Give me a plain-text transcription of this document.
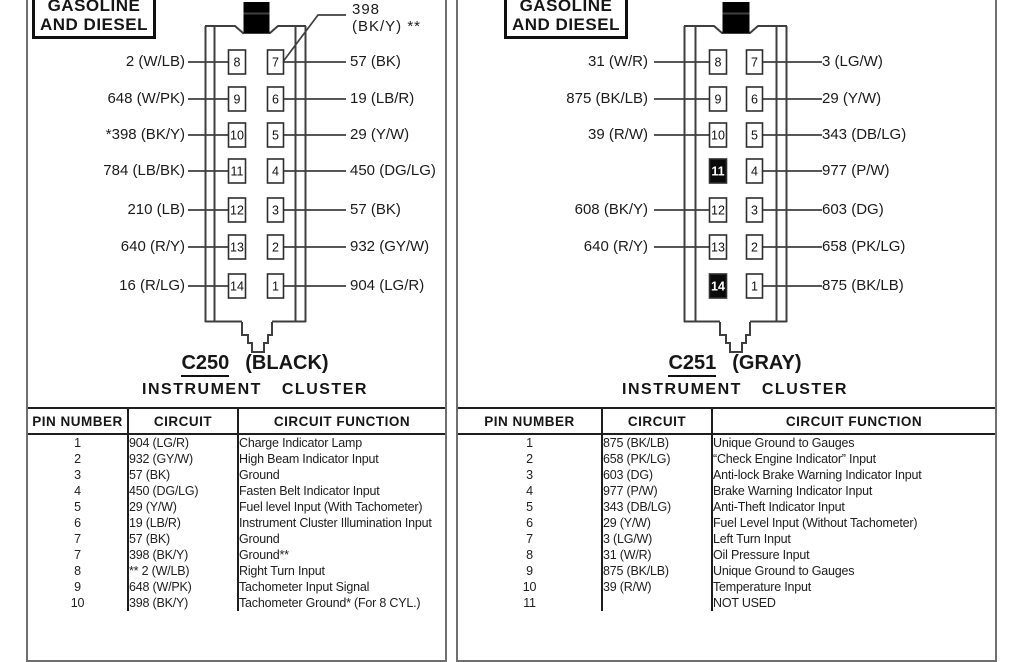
GASOLINE
AND DIESEL
8
9
10
11
12
13
14
7
6
5
4
3
2
1
2 (W/LB)
648 (W/PK)
*398 (BK/Y)
784 (LB/BK)
210 (LB)
640 (R/Y)
16 (R/LG)
57 (BK)
19 (LB/R)
29 (Y/W)
450 (DG/LG)
57 (BK)
932 (GY/W)
904 (LG/R)
398
(BK/Y) **
C250 (BLACK)
INSTRUMENT CLUSTER
PIN NUMBER	CIRCUIT	CIRCUIT FUNCTION
1	904 (LG/R)	Charge Indicator Lamp
2	932 (GY/W)	High Beam Indicator Input
3	57 (BK)	Ground
4	450 (DG/LG)	Fasten Belt Indicator Input
5	29 (Y/W)	Fuel level Input (With Tachometer)
6	19 (LB/R)	Instrument Cluster Illumination Input
7	57 (BK)	Ground
7	398 (BK/Y)	Ground**
8	** 2 (W/LB)	Right Turn Input
9	648 (W/PK)	Tachometer Input Signal
10	398 (BK/Y)	Tachometer Ground* (For 8 CYL.)
GASOLINE
AND DIESEL
8
9
10
11
12
13
14
7
6
5
4
3
2
1
31 (W/R)
875 (BK/LB)
39 (R/W)
608 (BK/Y)
640 (R/Y)
3 (LG/W)
29 (Y/W)
343 (DB/LG)
977 (P/W)
603 (DG)
658 (PK/LG)
875 (BK/LB)
C251 (GRAY)
INSTRUMENT CLUSTER
PIN NUMBER	CIRCUIT	CIRCUIT FUNCTION
1	875 (BK/LB)	Unique Ground to Gauges
2	658 (PK/LG)	“Check Engine Indicator” Input
3	603 (DG)	Anti-lock Brake Warning Indicator Input
4	977 (P/W)	Brake Warning Indicator Input
5	343 (DB/LG)	Anti-Theft Indicator Input
6	29 (Y/W)	Fuel Level Input (Without Tachometer)
7	3 (LG/W)	Left Turn Input
8	31 (W/R)	Oil Pressure Input
9	875 (BK/LB)	Unique Ground to Gauges
10	39 (R/W)	Temperature Input
11		NOT USED
